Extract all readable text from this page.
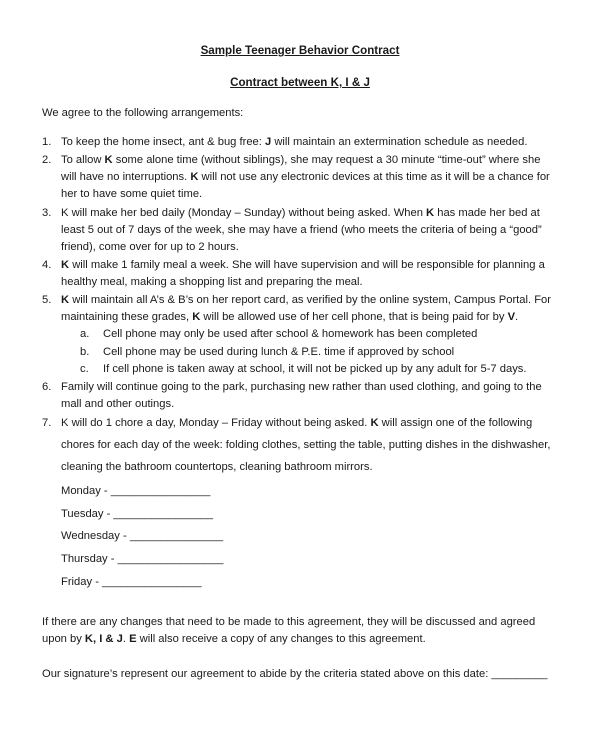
Sample Teenager Behavior Contract
Contract between K, I & J
We agree to the following arrangements:
1. To keep the home insect, ant & bug free: J will maintain an extermination schedule as needed.
2. To allow K some alone time (without siblings), she may request a 30 minute “time-out” where she
will have no interruptions. K will not use any electronic devices at this time as it will be a chance for
her to have some quiet time.
3. K will make her bed daily (Monday – Sunday) without being asked. When K has made her bed at
least 5 out of 7 days of the week, she may have a friend (who meets the criteria of being a “good”
friend), come over for up to 2 hours.
4. K will make 1 family meal a week. She will have supervision and will be responsible for planning a
healthy meal, making a shopping list and preparing the meal.
5. K will maintain all A’s & B’s on her report card, as verified by the online system, Campus Portal. For
maintaining these grades, K will be allowed use of her cell phone, that is being paid for by V.
a. Cell phone may only be used after school & homework has been completed
b. Cell phone may be used during lunch & P.E. time if approved by school
c. If cell phone is taken away at school, it will not be picked up by any adult for 5-7 days.
6. Family will continue going to the park, purchasing new rather than used clothing, and going to the
mall and other outings.
7. K will do 1 chore a day, Monday – Friday without being asked. K will assign one of the following
chores for each day of the week: folding clothes, setting the table, putting dishes in the dishwasher,
cleaning the bathroom countertops, cleaning bathroom mirrors.
Monday - ________________
Tuesday - ________________
Wednesday - _______________
Thursday - _________________
Friday - ________________
If there are any changes that need to be made to this agreement, they will be discussed and agreed
upon by K, I & J. E will also receive a copy of any changes to this agreement.
Our signature’s represent our agreement to abide by the criteria stated above on this date: _________
